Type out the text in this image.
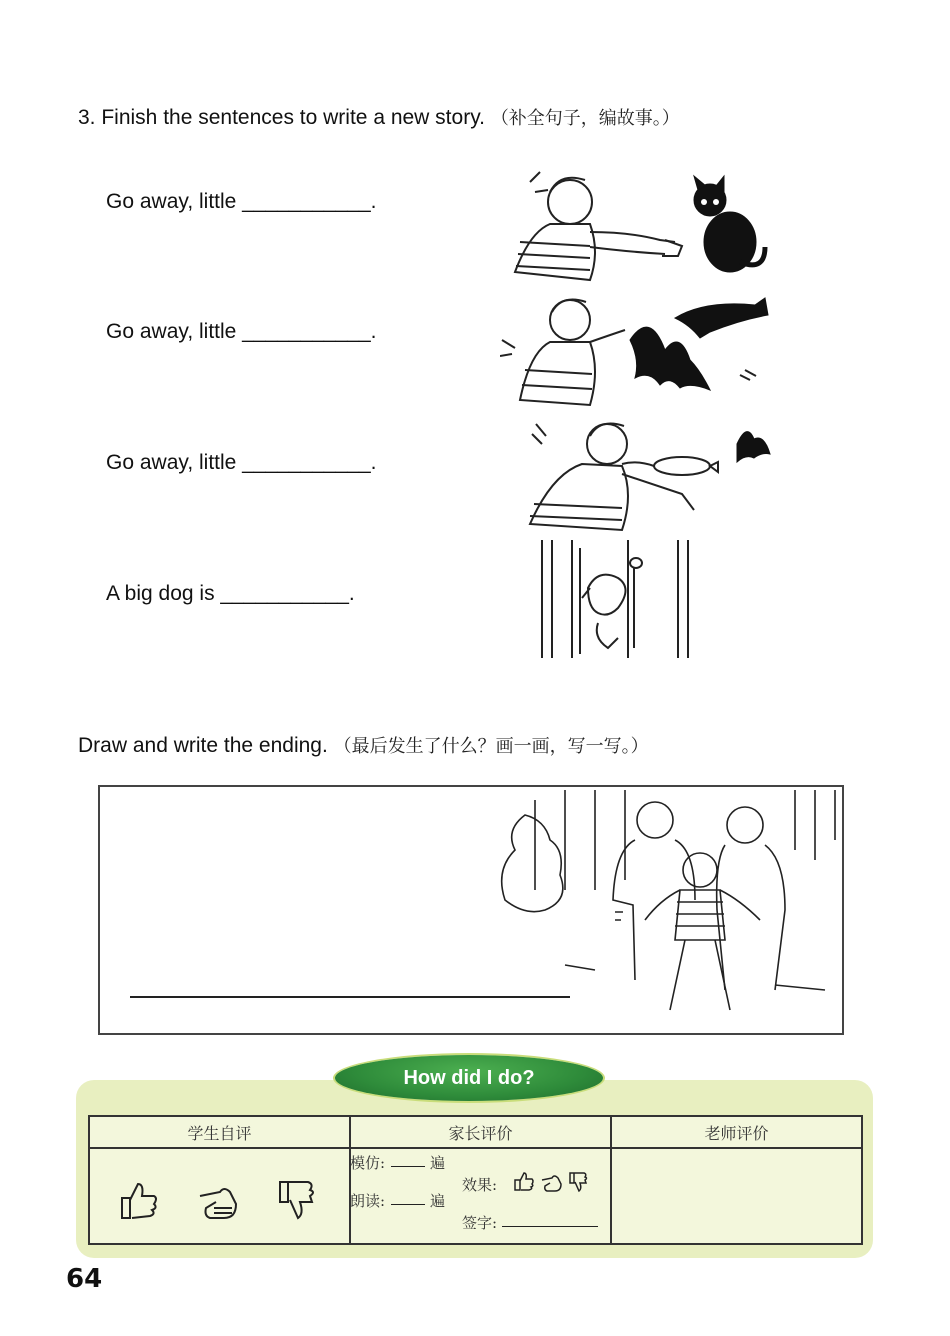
3. Finish the sentences to write a new story. （补全句子，编故事。）
Go away, little ___________.
Go away, little ___________.
Go away, little ___________.
A big dog is ___________.
Draw and write the ending. （最后发生了什么？画一画，写一写。）
How did I do?
学生自评	家长评价	老师评价

模仿:	遍
朗读:	遍
效果:
签字:
64
